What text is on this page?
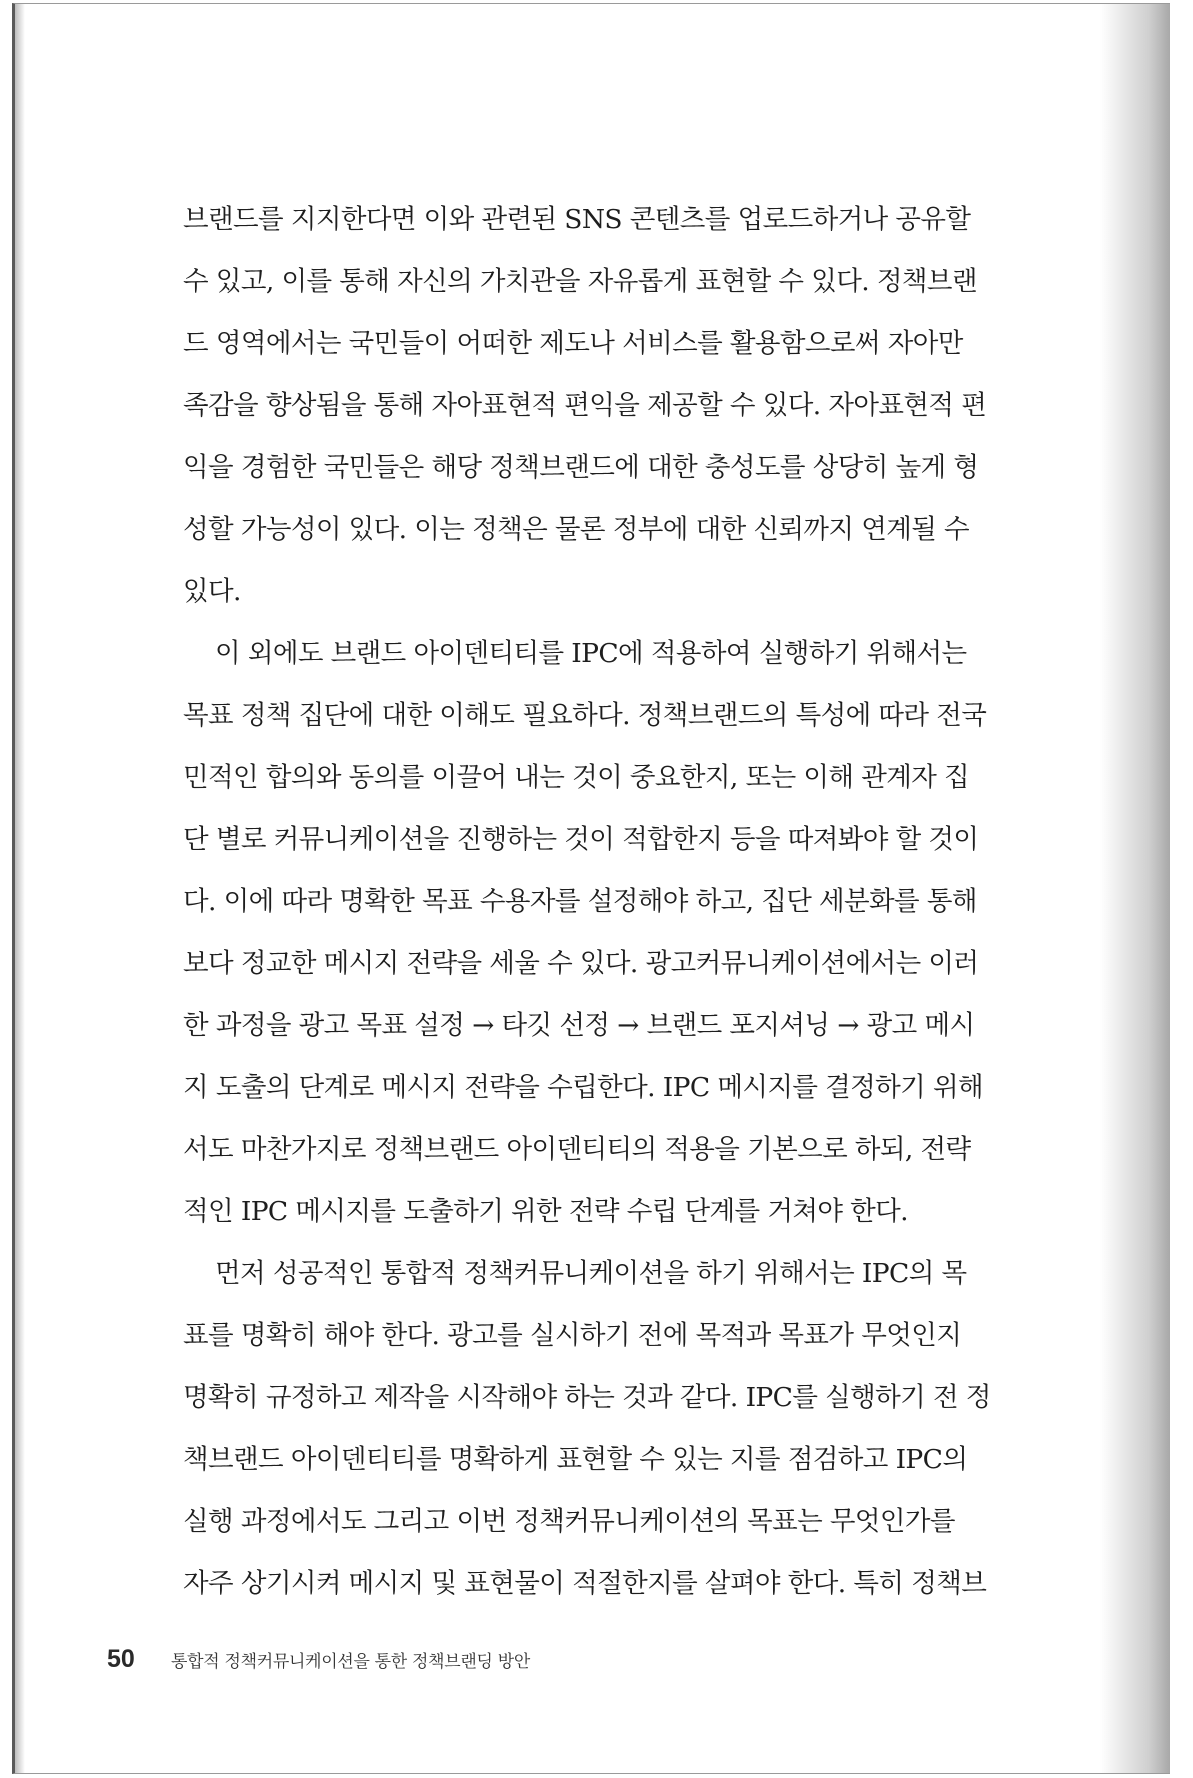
브랜드를 지지한다면 이와 관련된 SNS 콘텐츠를 업로드하거나 공유할
수 있고, 이를 통해 자신의 가치관을 자유롭게 표현할 수 있다. 정책브랜
드 영역에서는 국민들이 어떠한 제도나 서비스를 활용함으로써 자아만
족감을 향상됨을 통해 자아표현적 편익을 제공할 수 있다. 자아표현적 편
익을 경험한 국민들은 해당 정책브랜드에 대한 충성도를 상당히 높게 형
성할 가능성이 있다. 이는 정책은 물론 정부에 대한 신뢰까지 연계될 수
있다.
이 외에도 브랜드 아이덴티티를 IPC에 적용하여 실행하기 위해서는
목표 정책 집단에 대한 이해도 필요하다. 정책브랜드의 특성에 따라 전국
민적인 합의와 동의를 이끌어 내는 것이 중요한지, 또는 이해 관계자 집
단 별로 커뮤니케이션을 진행하는 것이 적합한지 등을 따져봐야 할 것이
다. 이에 따라 명확한 목표 수용자를 설정해야 하고, 집단 세분화를 통해
보다 정교한 메시지 전략을 세울 수 있다. 광고커뮤니케이션에서는 이러
한 과정을 광고 목표 설정 → 타깃 선정 → 브랜드 포지셔닝 → 광고 메시
지 도출의 단계로 메시지 전략을 수립한다. IPC 메시지를 결정하기 위해
서도 마찬가지로 정책브랜드 아이덴티티의 적용을 기본으로 하되, 전략
적인 IPC 메시지를 도출하기 위한 전략 수립 단계를 거쳐야 한다.
먼저 성공적인 통합적 정책커뮤니케이션을 하기 위해서는 IPC의 목
표를 명확히 해야 한다. 광고를 실시하기 전에 목적과 목표가 무엇인지
명확히 규정하고 제작을 시작해야 하는 것과 같다. IPC를 실행하기 전 정
책브랜드 아이덴티티를 명확하게 표현할 수 있는 지를 점검하고 IPC의
실행 과정에서도 그리고 이번 정책커뮤니케이션의 목표는 무엇인가를
자주 상기시켜 메시지 및 표현물이 적절한지를 살펴야 한다. 특히 정책브
50	통합적 정책커뮤니케이션을 통한 정책브랜딩 방안
